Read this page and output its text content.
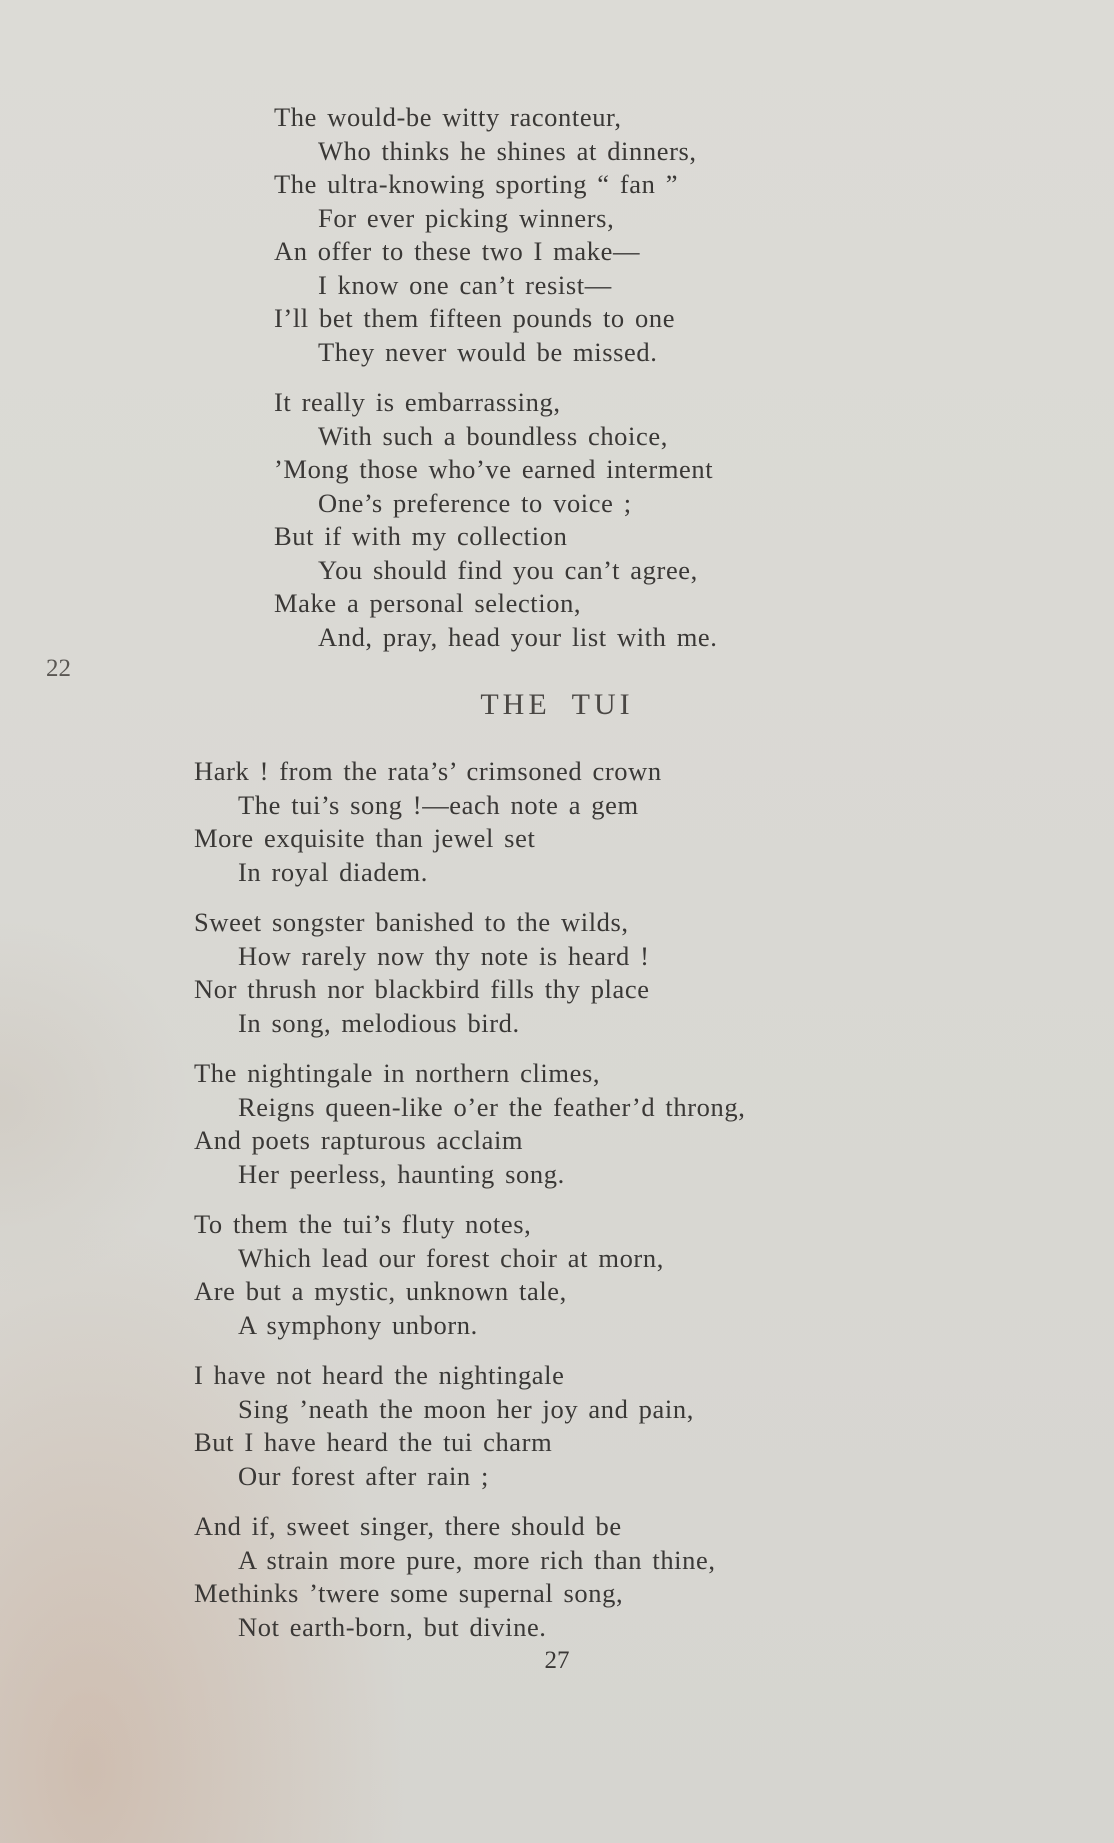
The would-be witty raconteur,
Who thinks he shines at dinners,
The ultra-knowing sporting “ fan ”
For ever picking winners,
An offer to these two I make—
I know one can’t resist—
I’ll bet them fifteen pounds to one
They never would be missed.
It really is embarrassing,
With such a boundless choice,
’Mong those who’ve earned interment
One’s preference to voice ;
But if with my collection
You should find you can’t agree,
Make a personal selection,
And, pray, head your list with me.
22
THE TUI
Hark ! from the rata’s’ crimsoned crown
The tui’s song !—each note a gem
More exquisite than jewel set
In royal diadem.
Sweet songster banished to the wilds,
How rarely now thy note is heard !
Nor thrush nor blackbird fills thy place
In song, melodious bird.
The nightingale in northern climes,
Reigns queen-like o’er the feather’d throng,
And poets rapturous acclaim
Her peerless, haunting song.
To them the tui’s fluty notes,
Which lead our forest choir at morn,
Are but a mystic, unknown tale,
A symphony unborn.
I have not heard the nightingale
Sing ’neath the moon her joy and pain,
But I have heard the tui charm
Our forest after rain ;
And if, sweet singer, there should be
A strain more pure, more rich than thine,
Methinks ’twere some supernal song,
Not earth-born, but divine.
27
